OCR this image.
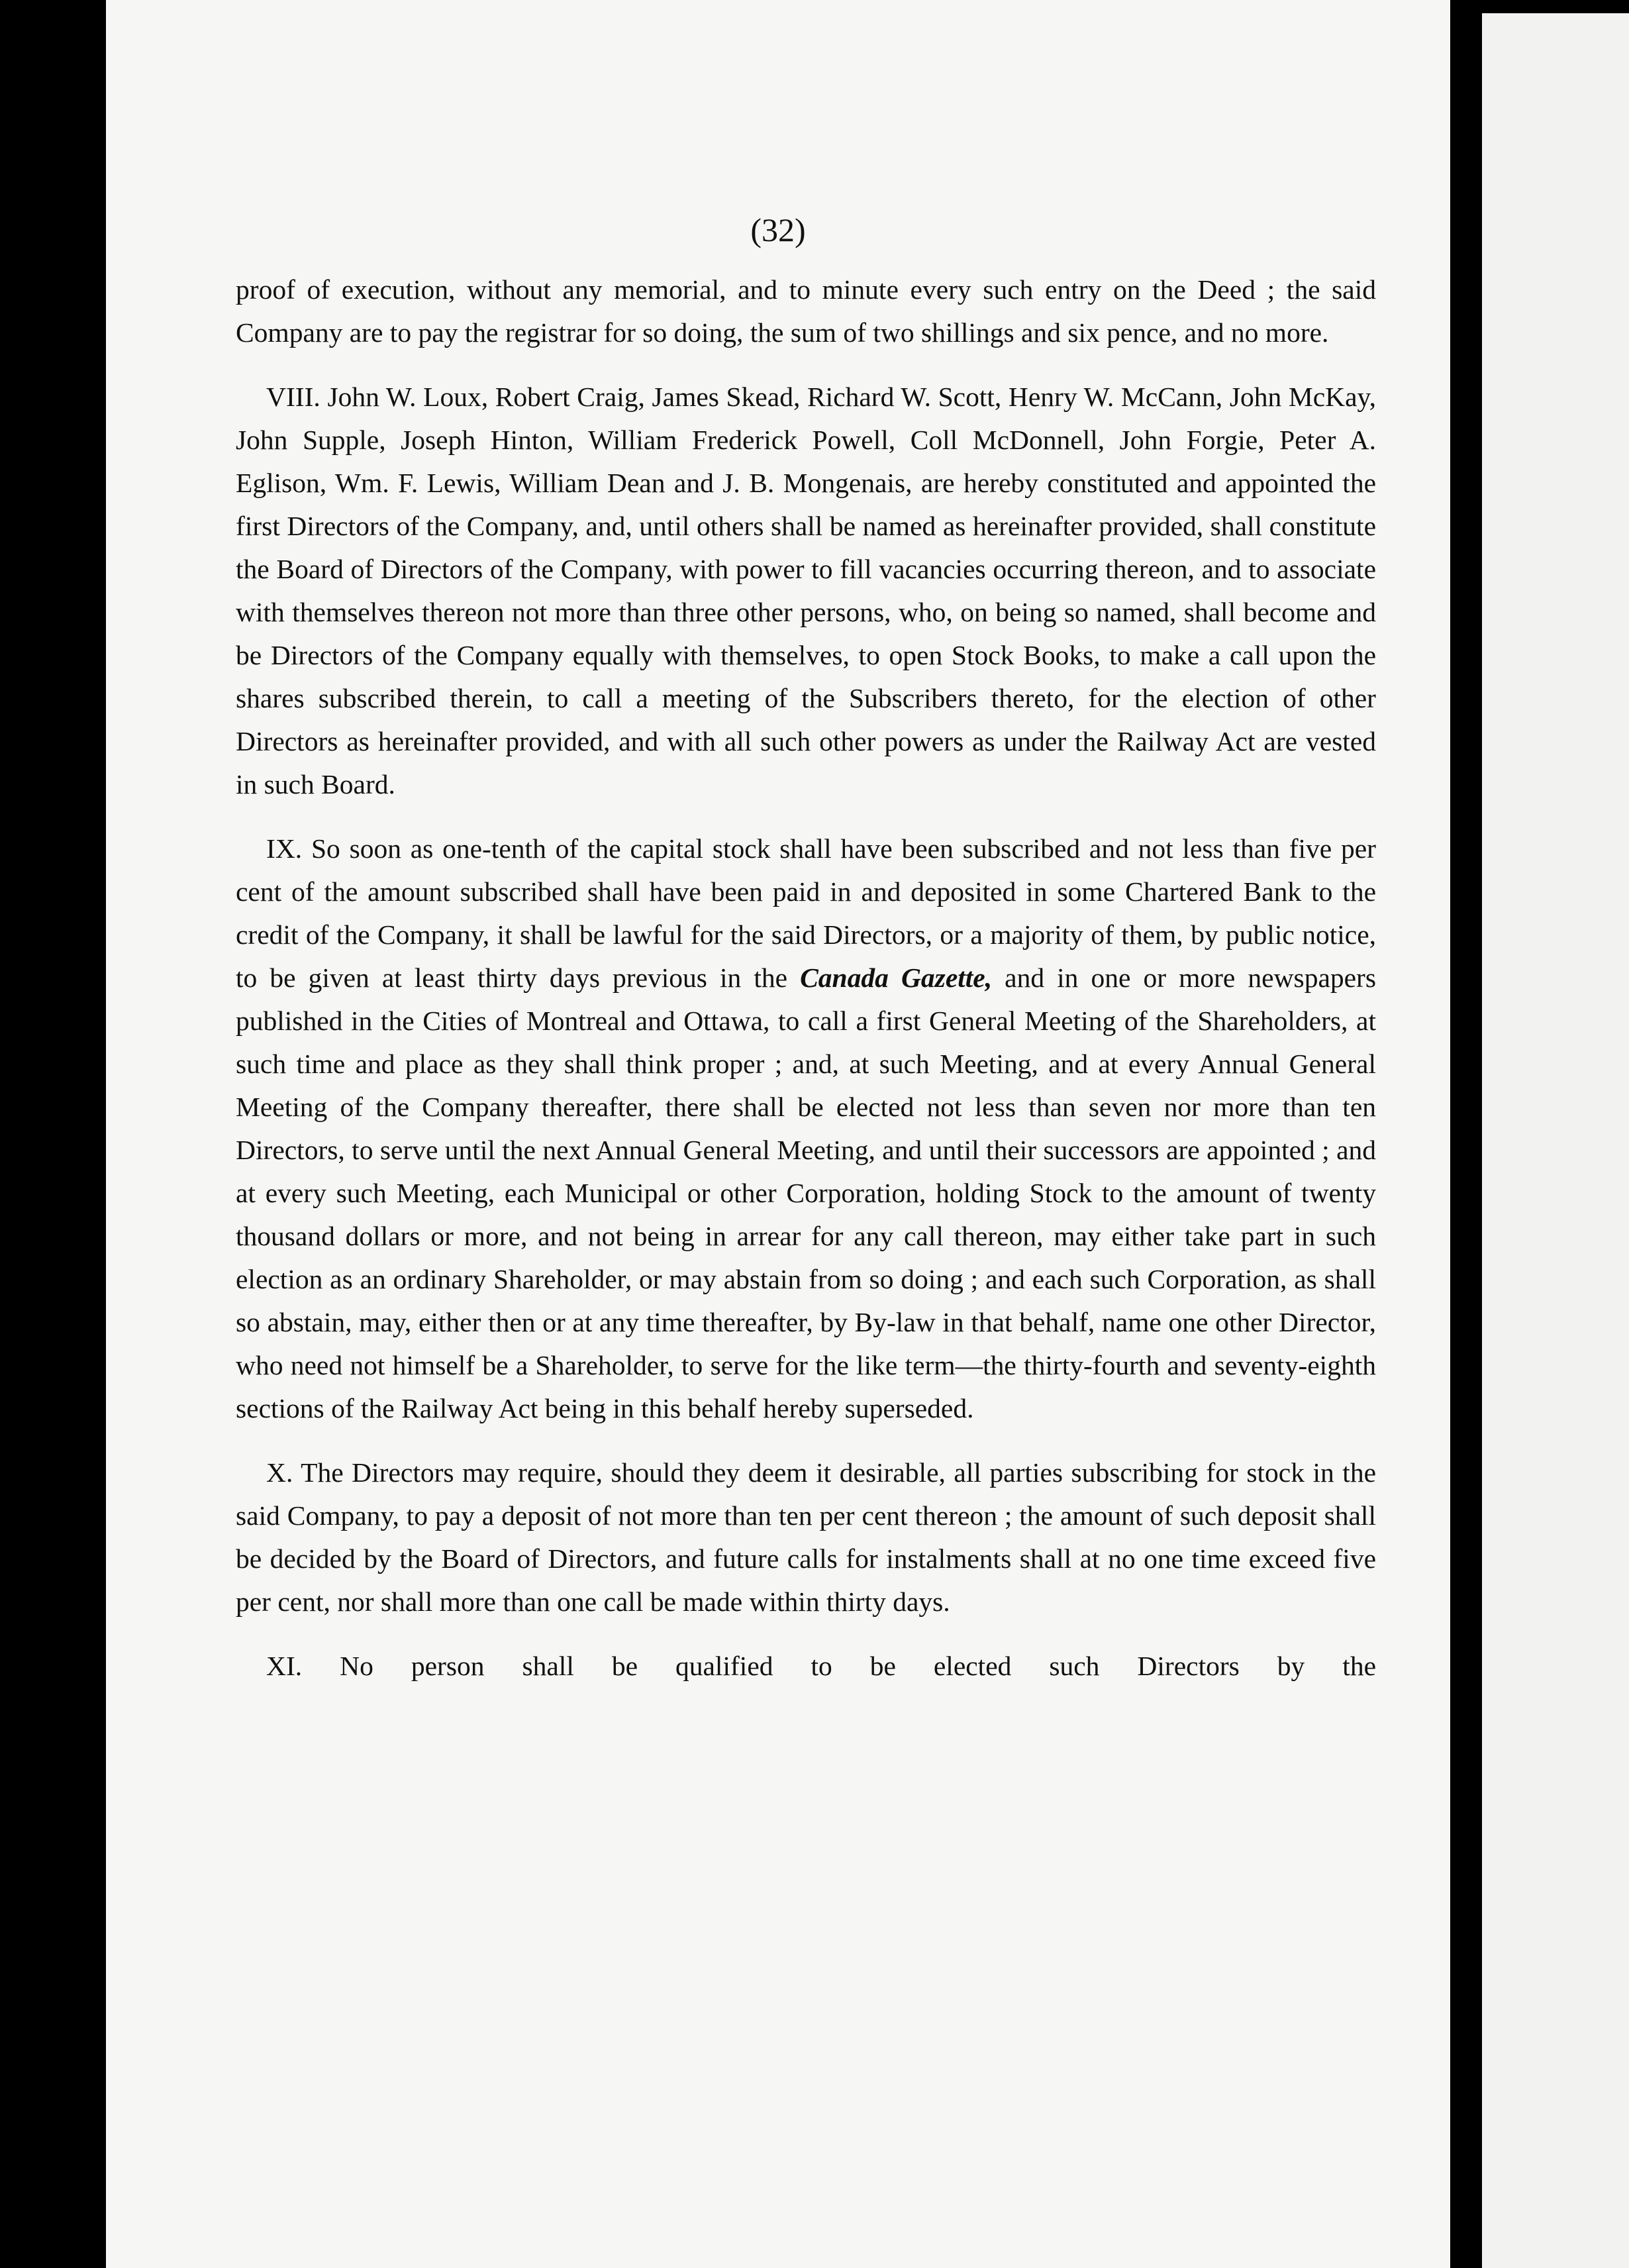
(32)

proof of execution, without any memorial, and to minute every such entry on the Deed ; the said Company are to pay the registrar for so doing, the sum of two shillings and six pence, and no more.

VIII. John W. Loux, Robert Craig, James Skead, Richard W. Scott, Henry W. McCann, John McKay, John Supple, Joseph Hinton, William Frederick Powell, Coll McDonnell, John Forgie, Peter A. Eglison, Wm. F. Lewis, William Dean and J. B. Mongenais, are hereby constituted and appointed the first Directors of the Company, and, until others shall be named as hereinafter provided, shall constitute the Board of Directors of the Company, with power to fill vacancies occurring thereon, and to associate with themselves thereon not more than three other persons, who, on being so named, shall become and be Directors of the Company equally with themselves, to open Stock Books, to make a call upon the shares subscribed therein, to call a meeting of the Subscribers thereto, for the election of other Directors as hereinafter provided, and with all such other powers as under the Railway Act are vested in such Board.

IX. So soon as one-tenth of the capital stock shall have been subscribed and not less than five per cent of the amount subscribed shall have been paid in and deposited in some Chartered Bank to the credit of the Company, it shall be lawful for the said Directors, or a majority of them, by public notice, to be given at least thirty days previous in the Canada Gazette, and in one or more newspapers published in the Cities of Montreal and Ottawa, to call a first General Meeting of the Shareholders, at such time and place as they shall think proper ; and, at such Meeting, and at every Annual General Meeting of the Company thereafter, there shall be elected not less than seven nor more than ten Directors, to serve until the next Annual General Meeting, and until their successors are appointed ; and at every such Meeting, each Municipal or other Corporation, holding Stock to the amount of twenty thousand dollars or more, and not being in arrear for any call thereon, may either take part in such election as an ordinary Shareholder, or may abstain from so doing ; and each such Corporation, as shall so abstain, may, either then or at any time thereafter, by By-law in that behalf, name one other Director, who need not himself be a Shareholder, to serve for the like term—the thirty-fourth and seventy-eighth sections of the Railway Act being in this behalf hereby superseded.

X. The Directors may require, should they deem it desirable, all parties subscribing for stock in the said Company, to pay a deposit of not more than ten per cent thereon ; the amount of such deposit shall be decided by the Board of Directors, and future calls for instalments shall at no one time exceed five per cent, nor shall more than one call be made within thirty days.

XI. No person shall be qualified to be elected such Directors by the
